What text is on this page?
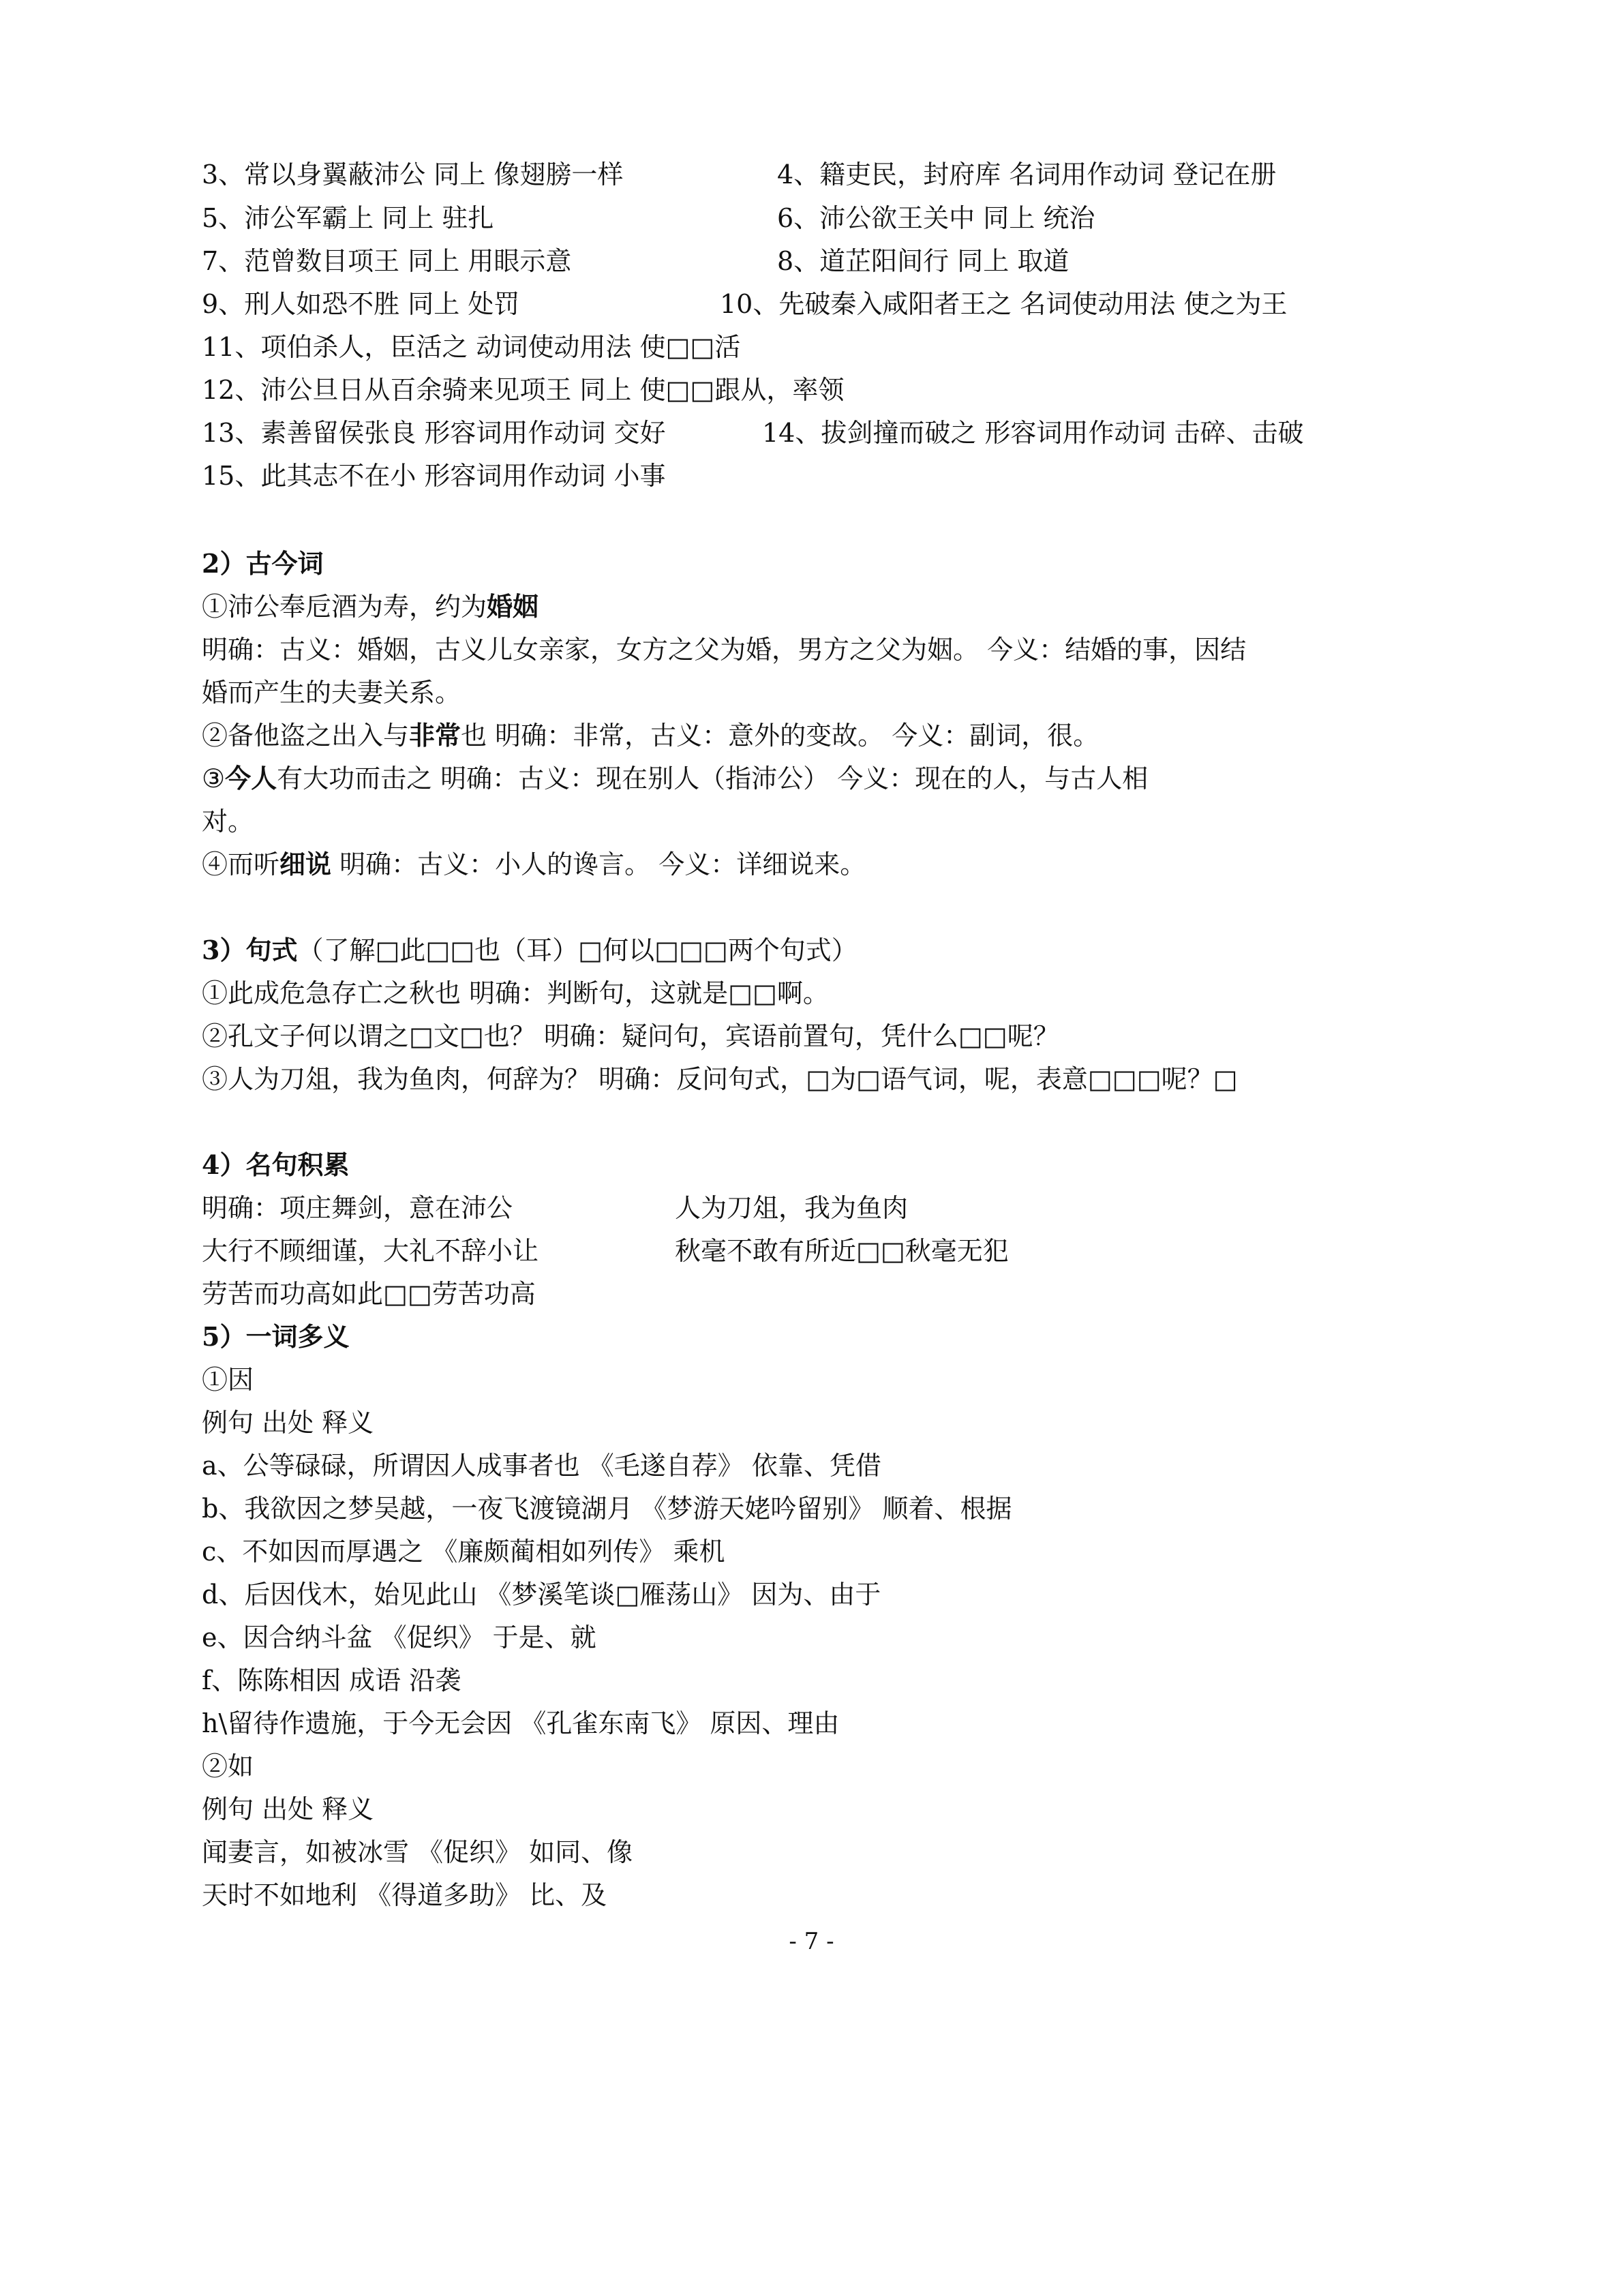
3、常以身翼蔽沛公 同上 像翅膀一样	4、籍吏民，封府库 名词用作动词 登记在册
5、沛公军霸上 同上 驻扎	6、沛公欲王关中 同上 统治
7、范曾数目项王 同上 用眼示意	8、道芷阳间行 同上 取道
9、刑人如恐不胜 同上 处罚	10、先破秦入咸阳者王之 名词使动用法 使之为王
11、项伯杀人，臣活之 动词使动用法 使□□活
12、沛公旦日从百余骑来见项王 同上 使□□跟从，率领
13、素善留侯张良 形容词用作动词 交好	14、拔剑撞而破之 形容词用作动词 击碎、击破
15、此其志不在小 形容词用作动词 小事
2）古今词
①沛公奉卮酒为寿，约为婚姻
明确：古义：婚姻，古义儿女亲家，女方之父为婚，男方之父为姻。 今义：结婚的事，因结
婚而产生的夫妻关系。
②备他盗之出入与非常也 明确：非常，古义：意外的变故。 今义：副词，很。
③今人有大功而击之 明确：古义：现在别人（指沛公） 今义：现在的人，与古人相
对。
④而听细说 明确：古义：小人的谗言。 今义：详细说来。
3）句式（了解□此□□也（耳）□何以□□□两个句式）
①此成危急存亡之秋也 明确：判断句，这就是□□啊。
②孔文子何以谓之□文□也？ 明确：疑问句，宾语前置句，凭什么□□呢？
③人为刀俎，我为鱼肉，何辞为？ 明确：反问句式，□为□语气词，呢，表意□□□呢？□
4）名句积累
明确：项庄舞剑，意在沛公	人为刀俎，我为鱼肉
大行不顾细谨，大礼不辞小让	秋毫不敢有所近□□秋毫无犯
劳苦而功高如此□□劳苦功高
5）一词多义
①因
例句 出处 释义
a、公等碌碌，所谓因人成事者也 《毛遂自荐》 依靠、凭借
b、我欲因之梦吴越，一夜飞渡镜湖月 《梦游天姥吟留别》 顺着、根据
c、不如因而厚遇之 《廉颇蔺相如列传》 乘机
d、后因伐木，始见此山 《梦溪笔谈□雁荡山》 因为、由于
e、因合纳斗盆 《促织》 于是、就
f、陈陈相因 成语 沿袭
h\留待作遗施，于今无会因 《孔雀东南飞》 原因、理由
②如
例句 出处 释义
闻妻言，如被冰雪 《促织》 如同、像
天时不如地利 《得道多助》 比、及
- 7 -
